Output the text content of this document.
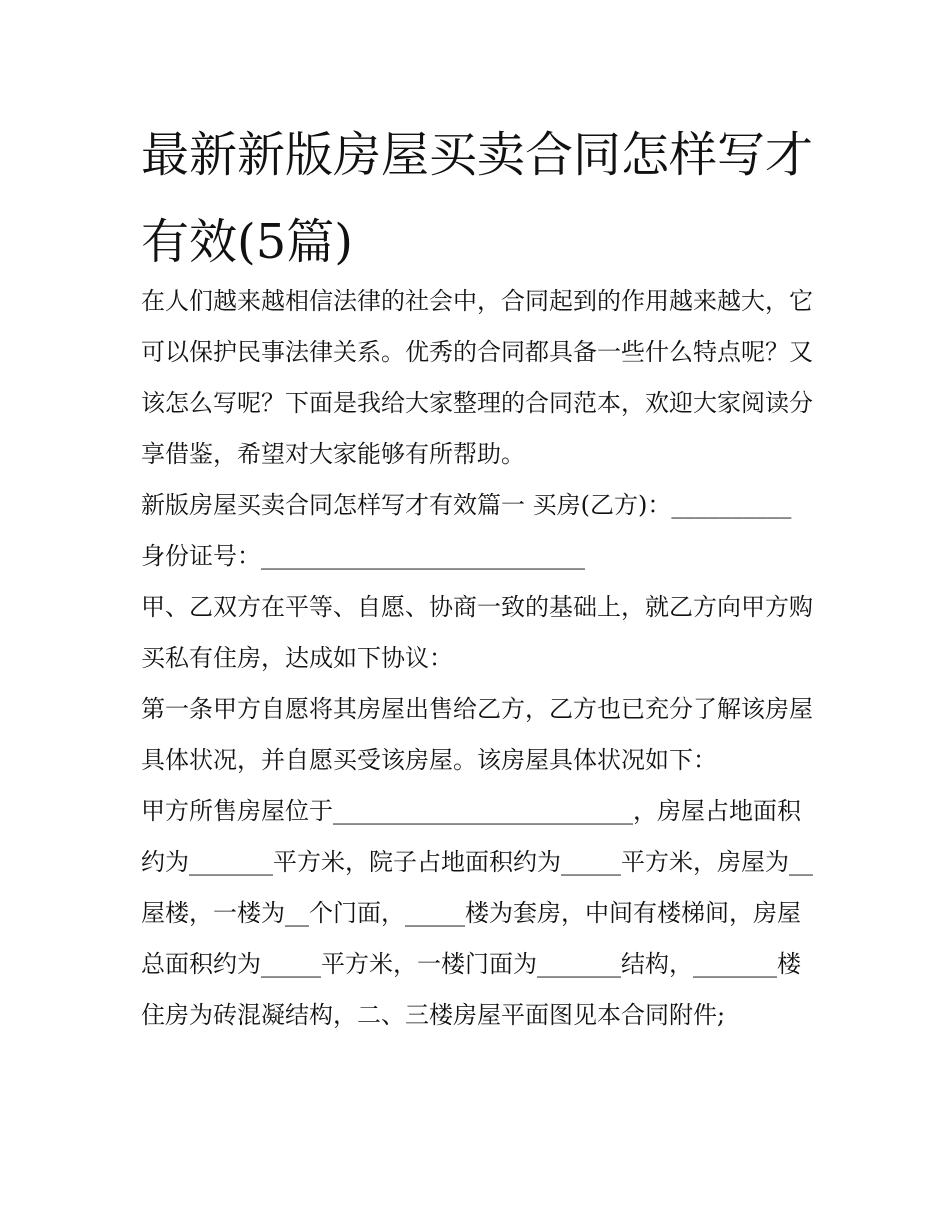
最新新版房屋买卖合同怎样写才有效(5篇)

在人们越来越相信法律的社会中，合同起到的作用越来越大，它可以保护民事法律关系。优秀的合同都具备一些什么特点呢？又该怎么写呢？下面是我给大家整理的合同范本，欢迎大家阅读分享借鉴，希望对大家能够有所帮助。

新版房屋买卖合同怎样写才有效篇一 买房(乙方)：__________

身份证号：___________________________

甲、乙双方在平等、自愿、协商一致的基础上，就乙方向甲方购买私有住房，达成如下协议：

第一条甲方自愿将其房屋出售给乙方，乙方也已充分了解该房屋具体状况，并自愿买受该房屋。该房屋具体状况如下：

甲方所售房屋位于_________________________，房屋占地面积约为_______平方米，院子占地面积约为_____平方米，房屋为__屋楼，一楼为__个门面，_____楼为套房，中间有楼梯间，房屋总面积约为_____平方米，一楼门面为_______结构，_______楼住房为砖混凝结构，二、三楼房屋平面图见本合同附件;
